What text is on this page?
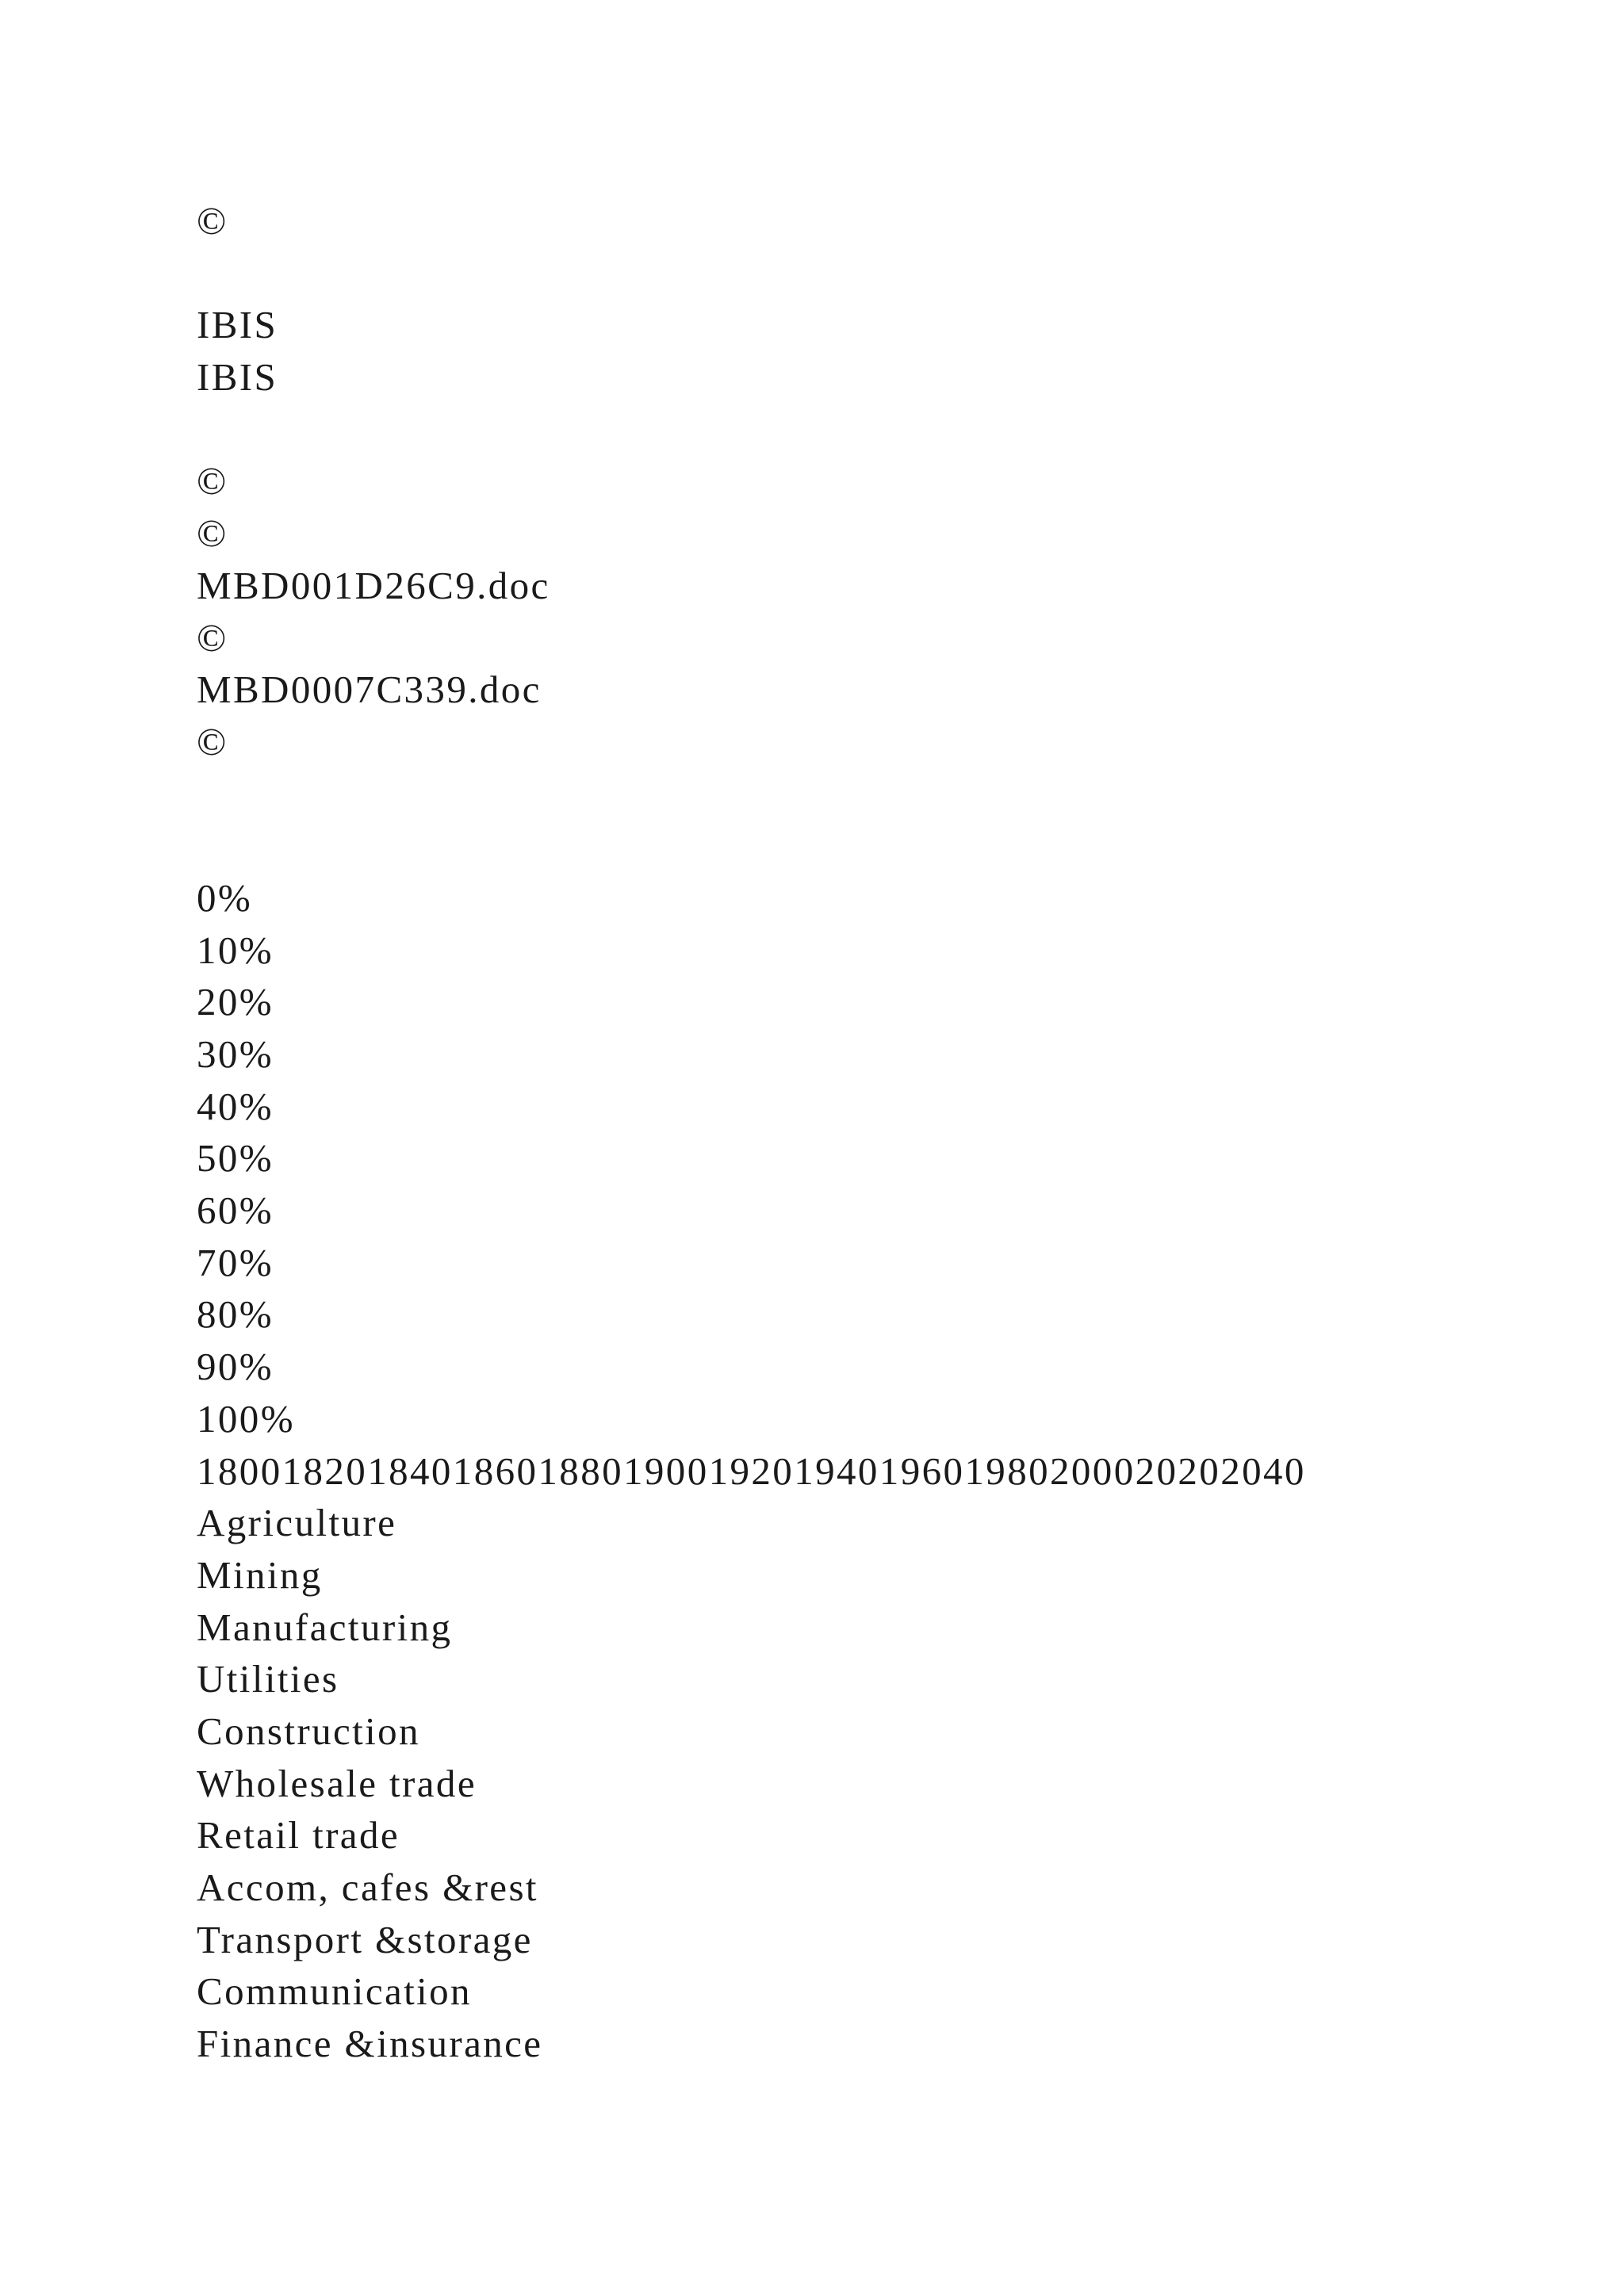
©
IBIS
IBIS
©
©
MBD001D26C9.doc
©
MBD0007C339.doc
©
0%
10%
20%
30%
40%
50%
60%
70%
80%
90%
100%
1800182018401860188019001920194019601980200020202040
Agriculture
Mining
Manufacturing
Utilities
Construction
Wholesale trade
Retail trade
Accom, cafes &rest
Transport &storage
Communication
Finance &insurance
